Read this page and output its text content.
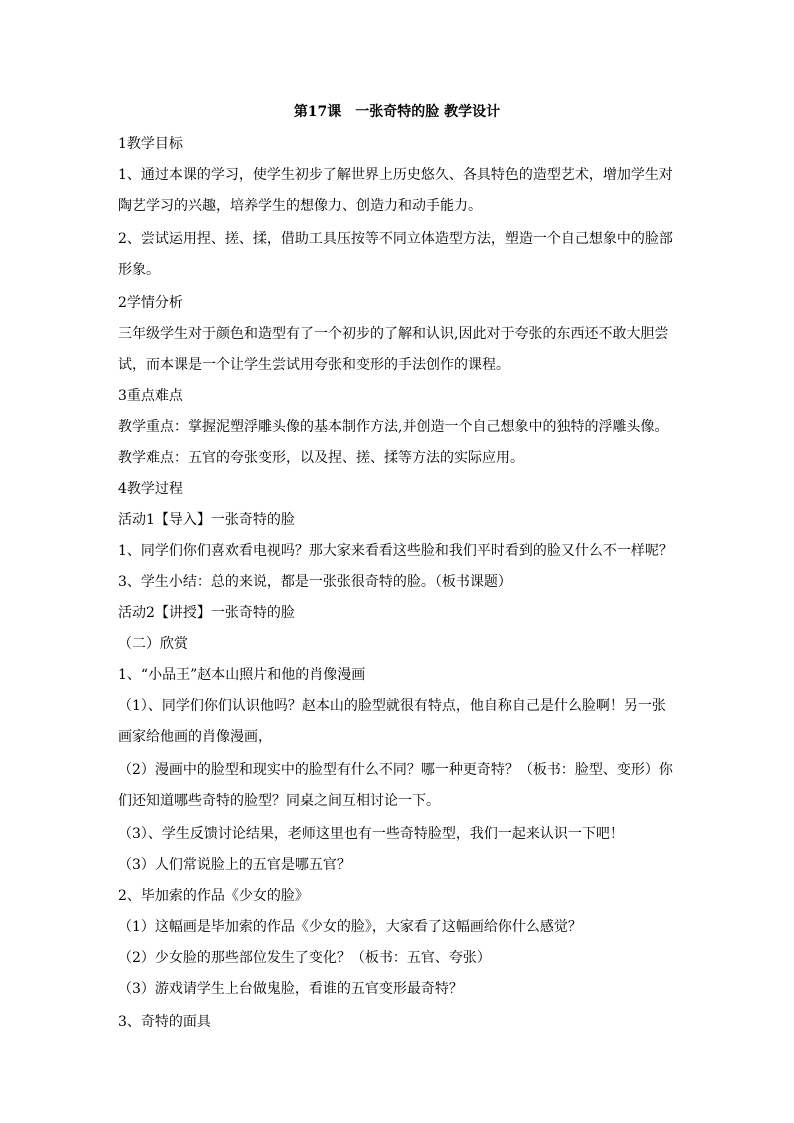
第17课　一张奇特的脸 教学设计
1教学目标
1、通过本课的学习，使学生初步了解世界上历史悠久、各具特色的造型艺术，增加学生对
陶艺学习的兴趣，培养学生的想像力、创造力和动手能力。
2、尝试运用捏、搓、揉，借助工具压按等不同立体造型方法，塑造一个自己想象中的脸部
形象。
2学情分析
三年级学生对于颜色和造型有了一个初步的了解和认识,因此对于夸张的东西还不敢大胆尝
试，而本课是一个让学生尝试用夸张和变形的手法创作的课程。
3重点难点
教学重点：掌握泥塑浮雕头像的基本制作方法,并创造一个自己想象中的独特的浮雕头像。
教学难点：五官的夸张变形，以及捏、搓、揉等方法的实际应用。
4教学过程
活动1【导入】一张奇特的脸
1、同学们你们喜欢看电视吗？那大家来看看这些脸和我们平时看到的脸又什么不一样呢？
3、学生小结：总的来说，都是一张张很奇特的脸。（板书课题）
活动2【讲授】一张奇特的脸
（二）欣赏
1、“小品王”赵本山照片和他的肖像漫画
（1）、同学们你们认识他吗？赵本山的脸型就很有特点，他自称自己是什么脸啊！另一张
画家给他画的肖像漫画，
（2）漫画中的脸型和现实中的脸型有什么不同？哪一种更奇特？（板书：脸型、变形）你
们还知道哪些奇特的脸型？同桌之间互相讨论一下。
（3）、学生反馈讨论结果，老师这里也有一些奇特脸型，我们一起来认识一下吧！
（3）人们常说脸上的五官是哪五官？
2、毕加索的作品《少女的脸》
（1）这幅画是毕加索的作品《少女的脸》，大家看了这幅画给你什么感觉？
（2）少女脸的那些部位发生了变化？（板书：五官、夸张）
（3）游戏请学生上台做鬼脸，看谁的五官变形最奇特？
3、奇特的面具
